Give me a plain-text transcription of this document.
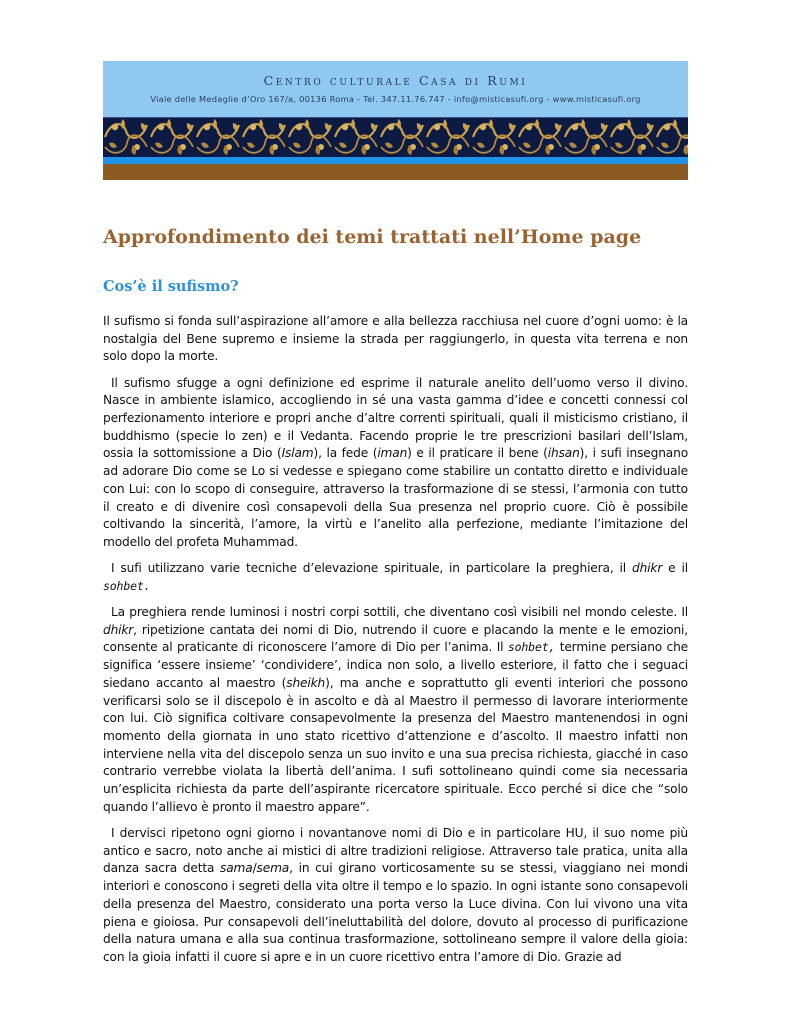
Centro culturale Casa di Rumi
Viale delle Medaglie d’Oro 167/a, 00136 Roma - Tel. 347.11.76.747 - info@misticasufi.org - www.misticasufi.org
Approfondimento dei temi trattati nell’Home page
Cos’è il sufismo?

Il sufismo si fonda sull’aspirazione all’amore e alla bellezza racchiusa nel cuore d’ogni uomo: è la nostalgia del Bene supremo e insieme la strada per raggiungerlo, in questa vita terrena e non solo dopo la morte.

Il sufismo sfugge a ogni definizione ed esprime il naturale anelito dell’uomo verso il divino. Nasce in ambiente islamico, accogliendo in sé una vasta gamma d’idee e concetti connessi col perfezionamento interiore e propri anche d’altre correnti spirituali, quali il misticismo cristiano, il buddhismo (specie lo zen) e il Vedanta. Facendo proprie le tre prescrizioni basilari dell’Islam, ossia la sottomissione a Dio (Islam), la fede (iman) e il praticare il bene (ihsan), i sufi insegnano ad adorare Dio come se Lo si vedesse e spiegano come stabilire un contatto diretto e individuale con Lui: con lo scopo di conseguire, attraverso la trasformazione di se stessi, l’armonia con tutto il creato e di divenire così consapevoli della Sua presenza nel proprio cuore. Ciò è possibile coltivando la sincerità, l’amore, la virtù e l’anelito alla perfezione, mediante l’imitazione del modello del profeta Muhammad.

I sufi utilizzano varie tecniche d’elevazione spirituale, in particolare la preghiera, il dhikr e il sohbet.

La preghiera rende luminosi i nostri corpi sottili, che diventano così visibili nel mondo celeste. Il dhikr, ripetizione cantata dei nomi di Dio, nutrendo il cuore e placando la mente e le emozioni, consente al praticante di riconoscere l’amore di Dio per l’anima. Il sohbet, termine persiano che significa ‘essere insieme’ ‘condividere’, indica non solo, a livello esteriore, il fatto che i seguaci siedano accanto al maestro (sheikh), ma anche e soprattutto gli eventi interiori che possono verificarsi solo se il discepolo è in ascolto e dà al Maestro il permesso di lavorare interiormente con lui. Ciò significa coltivare consapevolmente la presenza del Maestro mantenendosi in ogni momento della giornata in uno stato ricettivo d’attenzione e d’ascolto. Il maestro infatti non interviene nella vita del discepolo senza un suo invito e una sua precisa richiesta, giacché in caso contrario verrebbe violata la libertà dell’anima. I sufi sottolineano quindi come sia necessaria un’esplicita richiesta da parte dell’aspirante ricercatore spirituale. Ecco perché si dice che “solo quando l’allievo è pronto il maestro appare”.

I dervisci ripetono ogni giorno i novantanove nomi di Dio e in particolare HU, il suo nome più antico e sacro, noto anche ai mistici di altre tradizioni religiose. Attraverso tale pratica, unita alla danza sacra detta sama/sema, in cui girano vorticosamente su se stessi, viaggiano nei mondi interiori e conoscono i segreti della vita oltre il tempo e lo spazio. In ogni istante sono consapevoli della presenza del Maestro, considerato una porta verso la Luce divina. Con lui vivono una vita piena e gioiosa. Pur consapevoli dell’ineluttabilità del dolore, dovuto al processo di purificazione della natura umana e alla sua continua trasformazione, sottolineano sempre il valore della gioia: con la gioia infatti il cuore si apre e in un cuore ricettivo entra l’amore di Dio. Grazie ad
